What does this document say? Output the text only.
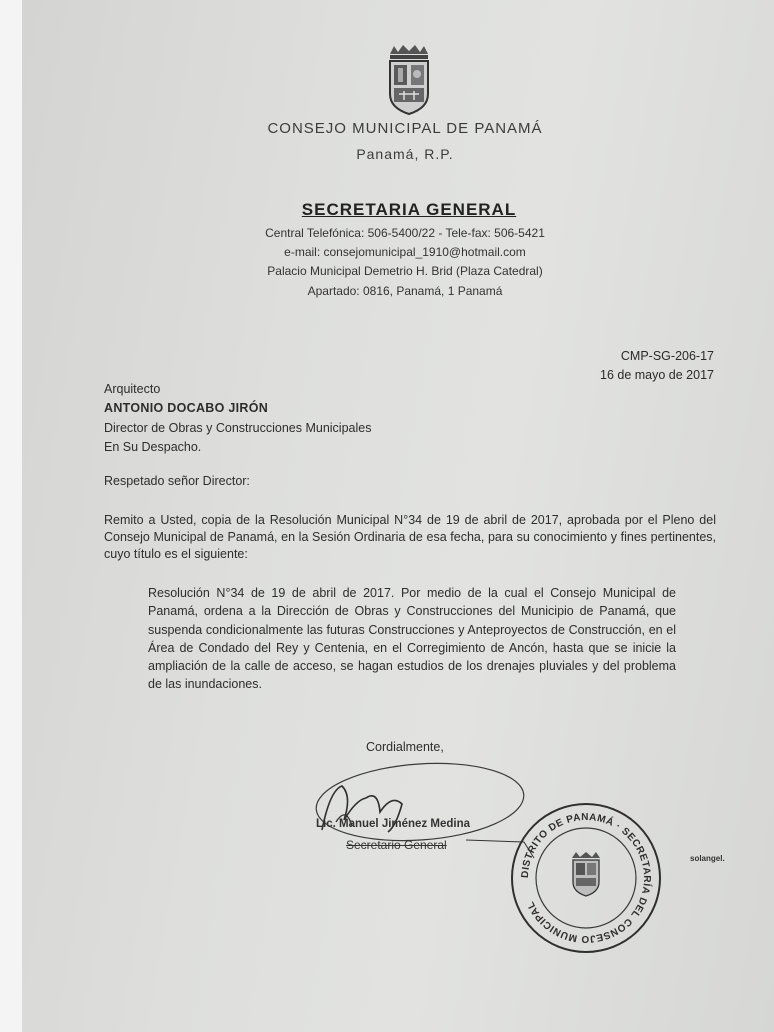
CONSEJO MUNICIPAL DE PANAMÁ
Panamá, R.P.
SECRETARIA GENERAL
Central Telefónica: 506-5400/22 - Tele-fax: 506-5421
e-mail: consejomunicipal_1910@hotmail.com
Palacio Municipal Demetrio H. Brid (Plaza Catedral)
Apartado: 0816, Panamá, 1 Panamá
CMP-SG-206-17
16 de mayo de 2017
Arquitecto
ANTONIO DOCABO JIRÓN
Director de Obras y Construcciones Municipales
En Su Despacho.
Respetado señor Director:
Remito a Usted, copia de la Resolución Municipal N°34 de 19 de abril de 2017, aprobada por el Pleno del Consejo Municipal de Panamá, en la Sesión Ordinaria de esa fecha, para su conocimiento y fines pertinentes, cuyo título es el siguiente:
Resolución N°34 de 19 de abril de 2017. Por medio de la cual el Consejo Municipal de Panamá, ordena a la Dirección de Obras y Construcciones del Municipio de Panamá, que suspenda condicionalmente las futuras Construcciones y Anteproyectos de Construcción, en el Área de Condado del Rey y Centenia, en el Corregimiento de Ancón, hasta que se inicie la ampliación de la calle de acceso, se hagan estudios de los drenajes pluviales y del problema de las inundaciones.
Cordialmente,
Lic. Manuel Jiménez Medina
Secretario General
DISTRITO DE PANAMÁ · SECRETARÍA DEL CONSEJO MUNICIPAL
solangel.
